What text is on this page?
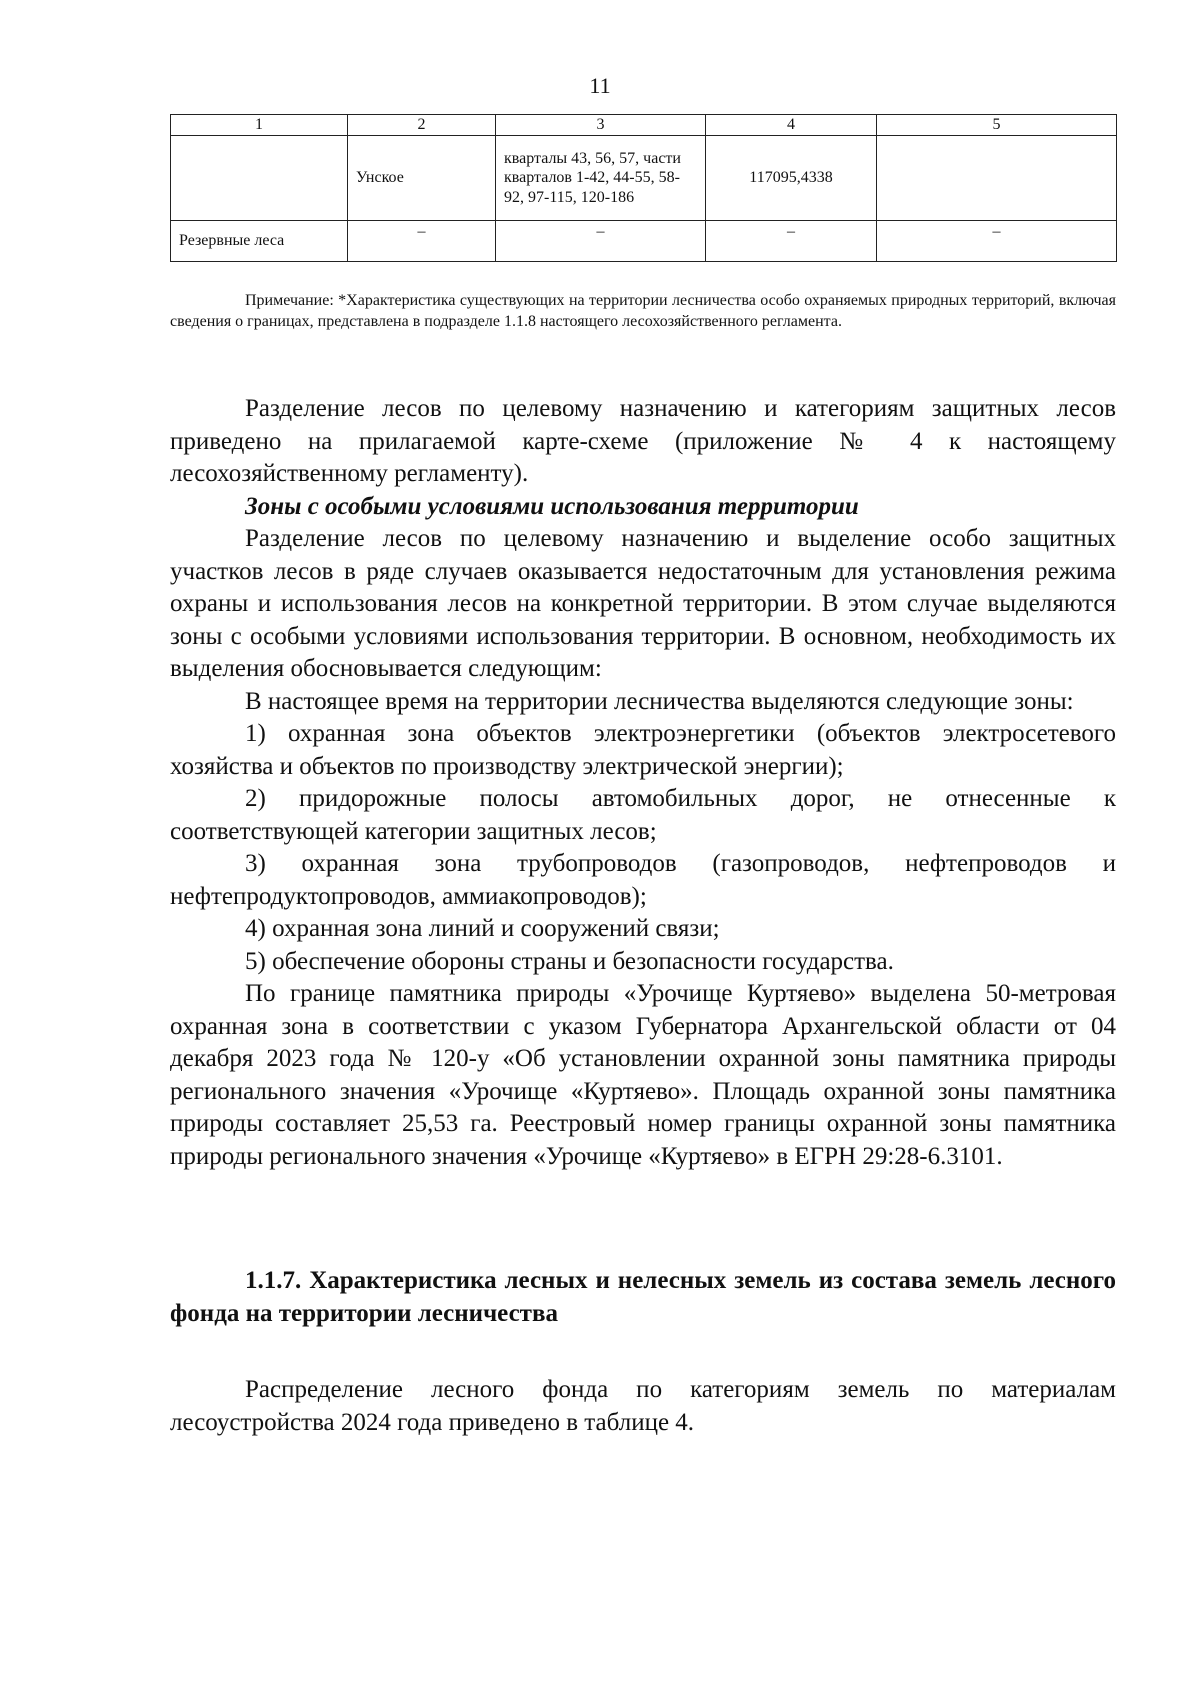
11
1	2	3	4	5
	Унское	кварталы 43, 56, 57, части кварталов 1-42, 44-55, 58-92, 97-115, 120-186	117095,4338	
Резервные леса	–	–	–	–

Примечание: *Характеристика существующих на территории лесничества особо охраняемых природных территорий, включая сведения о границах, представлена в подразделе 1.1.8 настоящего лесохозяйственного регламента.

Разделение лесов по целевому назначению и категориям защитных лесов приведено на прилагаемой карте-схеме (приложение № 4 к настоящему лесохозяйственному регламенту).

Зоны с особыми условиями использования территории

Разделение лесов по целевому назначению и выделение особо защитных участков лесов в ряде случаев оказывается недостаточным для установления режима охраны и использования лесов на конкретной территории. В этом случае выделяются зоны с особыми условиями использования территории. В основном, необходимость их выделения обосновывается следующим:

В настоящее время на территории лесничества выделяются следующие зоны:

1) охранная зона объектов электроэнергетики (объектов электросетевого хозяйства и объектов по производству электрической энергии);

2) придорожные полосы автомобильных дорог, не отнесенные к соответствующей категории защитных лесов;

3) охранная зона трубопроводов (газопроводов, нефтепроводов и нефтепродуктопроводов, аммиакопроводов);

4) охранная зона линий и сооружений связи;

5) обеспечение обороны страны и безопасности государства.

По границе памятника природы «Урочище Куртяево» выделена 50-метровая охранная зона в соответствии с указом Губернатора Архангельской области от 04 декабря 2023 года № 120-у «Об установлении охранной зоны памятника природы регионального значения «Урочище «Куртяево». Площадь охранной зоны памятника природы составляет 25,53 га. Реестровый номер границы охранной зоны памятника природы регионального значения «Урочище «Куртяево» в ЕГРН 29:28-6.3101.

1.1.7. Характеристика лесных и нелесных земель из состава земель лесного фонда на территории лесничества

Распределение лесного фонда по категориям земель по материалам лесоустройства 2024 года приведено в таблице 4.
